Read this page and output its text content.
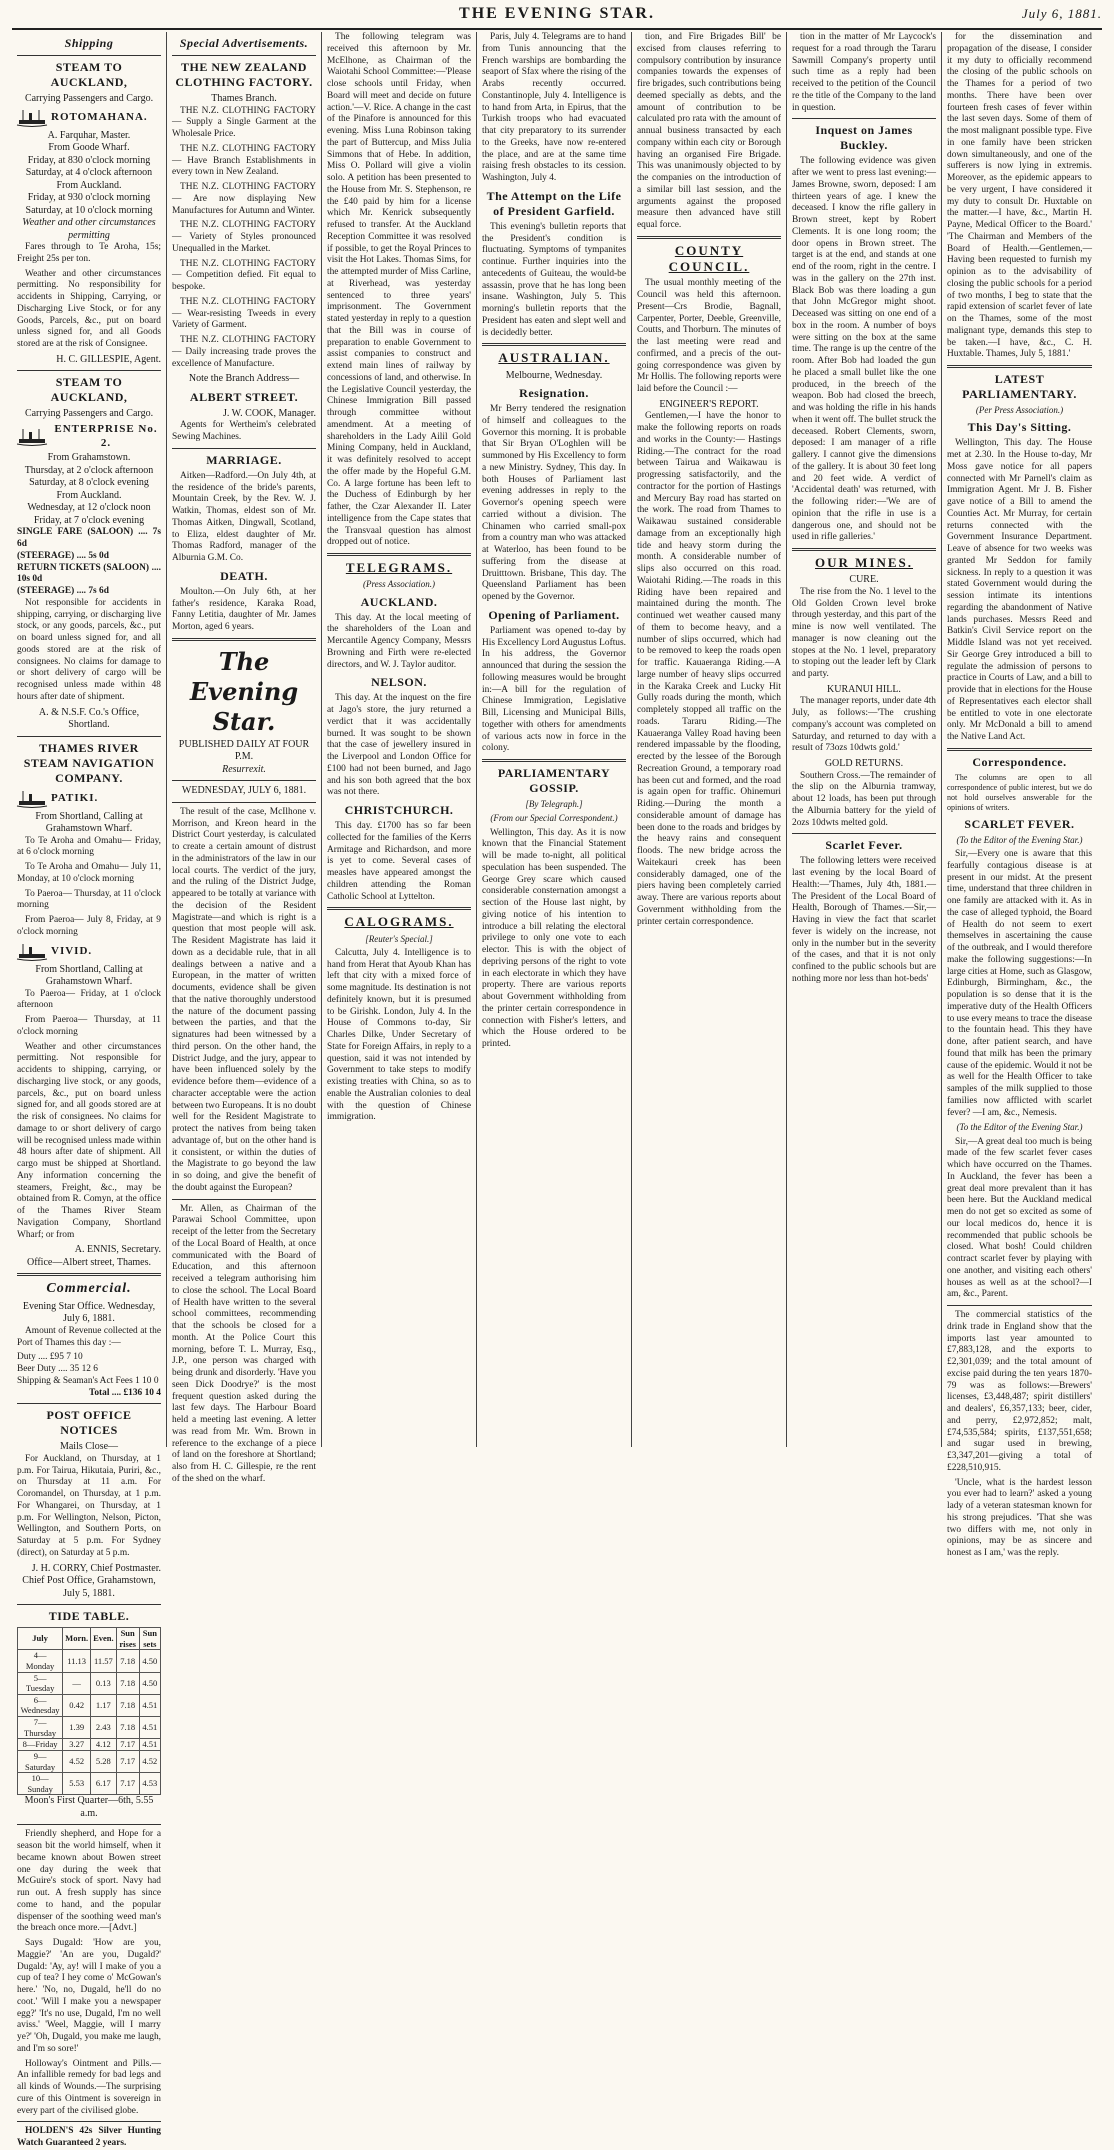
THE EVENING STAR.	July 6, 1881.
Shipping
STEAM TO AUCKLAND,
Carrying Passengers and Cargo.
ROTOMAHANA.
A. Farquhar, Master.
From Goode Wharf.
Friday, at 830 o'clock morning
Saturday, at 4 o'clock afternoon
From Auckland.
Friday, at 930 o'clock morning
Saturday, at 10 o'clock morning
Weather and other circumstances permitting
Fares through to Te Aroha, 15s; Freight 25s per ton.
Weather and other circumstances permitting. No responsibility for accidents in Shipping, Carrying, or Discharging Live Stock, or for any Goods, Parcels, &c., put on board unless signed for, and all Goods stored are at the risk of Consignee.
H. C. GILLESPIE, Agent.
STEAM TO AUCKLAND,
Carrying Passengers and Cargo.
ENTERPRISE No. 2.
From Grahamstown.
Thursday, at 2 o'clock afternoon
Saturday, at 8 o'clock evening
From Auckland.
Wednesday, at 12 o'clock noon
Friday, at 7 o'clock evening
SINGLE FARE (SALOON) .... 7s 6d
(STEERAGE) .... 5s 0d
RETURN TICKETS (SALOON) .... 10s 0d
(STEERAGE) .... 7s 6d
Not responsible for accidents in shipping, carrying, or discharging live stock, or any goods, parcels, &c., put on board unless signed for, and all goods stored are at the risk of consignees. No claims for damage to or short delivery of cargo will be recognised unless made within 48 hours after date of shipment.
A. & N.S.F. Co.'s Office, Shortland.
THAMES RIVER STEAM NAVIGATION COMPANY.
PATIKI.
From Shortland, Calling at Grahamstown Wharf.
To Te Aroha and Omahu— Friday, at 6 o'clock morning
To Te Aroha and Omahu— July 11, Monday, at 10 o'clock morning
To Paeroa— Thursday, at 11 o'clock morning
From Paeroa— July 8, Friday, at 9 o'clock morning
VIVID.
From Shortland, Calling at Grahamstown Wharf.
To Paeroa— Friday, at 1 o'clock afternoon
From Paeroa— Thursday, at 11 o'clock morning
Weather and other circumstances permitting. Not responsible for accidents to shipping, carrying, or discharging live stock, or any goods, parcels, &c., put on board unless signed for, and all goods stored are at the risk of consignees. No claims for damage to or short delivery of cargo will be recognised unless made within 48 hours after date of shipment. All cargo must be shipped at Shortland. Any information concerning the steamers, Freight, &c., may be obtained from R. Comyn, at the office of the Thames River Steam Navigation Company, Shortland Wharf; or from
A. ENNIS, Secretary.
Office—Albert street, Thames.
Commercial.
Evening Star Office. Wednesday, July 6, 1881.
Amount of Revenue collected at the Port of Thames this day :—
Duty .... £95 7 10
Beer Duty .... 35 12 6
Shipping & Seaman's Act Fees 1 10 0
Total .... £136 10 4
POST OFFICE NOTICES
Mails Close—
For Auckland, on Thursday, at 1 p.m. For Tairua, Hikutaia, Puriri, &c., on Thursday at 11 a.m. For Coromandel, on Thursday, at 1 p.m. For Whangarei, on Thursday, at 1 p.m. For Wellington, Nelson, Picton, Wellington, and Southern Ports, on Saturday at 5 p.m. For Sydney (direct), on Saturday at 5 p.m.
J. H. CORRY, Chief Postmaster.
Chief Post Office, Grahamstown, July 5, 1881.
TIDE TABLE.
July	Morn.	Even.	Sun rises	Sun sets
4—Monday	11.13	11.57	7.18	4.50
5—Tuesday	—	0.13	7.18	4.50
6—Wednesday	0.42	1.17	7.18	4.51
7—Thursday	1.39	2.43	7.18	4.51
8—Friday	3.27	4.12	7.17	4.51
9—Saturday	4.52	5.28	7.17	4.52
10—Sunday	5.53	6.17	7.17	4.53
Moon's First Quarter—6th, 5.55 a.m.
Friendly shepherd, and Hope for a season bit the world himself, when it became known about Bowen street one day during the week that McGuire's stock of sport. Navy had run out. A fresh supply has since come to hand, and the popular dispenser of the soothing weed man's the breach once more.—[Advt.]
Says Dugald: 'How are you, Maggie?' 'An are you, Dugald?' Dugald: 'Ay, ay! will I make of you a cup of tea? I hey come o' McGowan's here.' 'No, no, Dugald, he'll do no coot.' 'Will I make you a newspaper egg?' 'It's no use, Dugald, I'm no well aviss.' 'Weel, Maggie, will I marry ye?' 'Oh, Dugald, you make me laugh, and I'm so sore!'
Holloway's Ointment and Pills.—An infallible remedy for bad legs and all kinds of Wounds.—The surprising cure of this Ointment is sovereign in every part of the civilised globe.
HOLDEN'S 42s Silver Hunting Watch Guaranteed 2 years.
Special Advertisements.
THE NEW ZEALAND CLOTHING FACTORY.
Thames Branch.
THE N.Z. CLOTHING FACTORY — Supply a Single Garment at the Wholesale Price.
THE N.Z. CLOTHING FACTORY — Have Branch Establishments in every town in New Zealand.
THE N.Z. CLOTHING FACTORY — Are now displaying New Manufactures for Autumn and Winter.
THE N.Z. CLOTHING FACTORY — Variety of Styles pronounced Unequalled in the Market.
THE N.Z. CLOTHING FACTORY — Competition defied. Fit equal to bespoke.
THE N.Z. CLOTHING FACTORY — Wear-resisting Tweeds in every Variety of Garment.
THE N.Z. CLOTHING FACTORY — Daily increasing trade proves the excellence of Manufacture.
Note the Branch Address—
ALBERT STREET.
J. W. COOK, Manager.
Agents for Wertheim's celebrated Sewing Machines.
MARRIAGE.
Aitken—Radford.—On July 4th, at the residence of the bride's parents, Mountain Creek, by the Rev. W. J. Watkin, Thomas, eldest son of Mr. Thomas Aitken, Dingwall, Scotland, to Eliza, eldest daughter of Mr. Thomas Radford, manager of the Alburnia G.M. Co.
DEATH.
Moulton.—On July 6th, at her father's residence, Karaka Road, Fanny Letitia, daughter of Mr. James Morton, aged 6 years.
The Evening Star.
PUBLISHED DAILY AT FOUR P.M.
Resurrexit.
WEDNESDAY, JULY 6, 1881.
The result of the case, McIlhone v. Morrison, and Kreon heard in the District Court yesterday, is calculated to create a certain amount of distrust in the administrators of the law in our local courts. The verdict of the jury, and the ruling of the District Judge, appeared to be totally at variance with the decision of the Resident Magistrate—and which is right is a question that most people will ask. The Resident Magistrate has laid it down as a decidable rule, that in all dealings between a native and a European, in the matter of written documents, evidence shall be given that the native thoroughly understood the nature of the document passing between the parties, and that the signatures had been witnessed by a third person. On the other hand, the District Judge, and the jury, appear to have been influenced solely by the evidence before them—evidence of a character acceptable were the action between two Europeans. It is no doubt well for the Resident Magistrate to protect the natives from being taken advantage of, but on the other hand is it consistent, or within the duties of the Magistrate to go beyond the law in so doing, and give the benefit of the doubt against the European?
Mr. Allen, as Chairman of the Parawai School Committee, upon receipt of the letter from the Secretary of the Local Board of Health, at once communicated with the Board of Education, and this afternoon received a telegram authorising him to close the school. The Local Board of Health have written to the several school committees, recommending that the schools be closed for a month. At the Police Court this morning, before T. L. Murray, Esq., J.P., one person was charged with being drunk and disorderly. 'Have you seen Dick Doodrye?' is the most frequent question asked during the last few days. The Harbour Board held a meeting last evening. A letter was read from Mr. Wm. Brown in reference to the exchange of a piece of land on the foreshore at Shortland; also from H. C. Gillespie, re the rent of the shed on the wharf.
The following telegram was received this afternoon by Mr. McElhone, as Chairman of the Waiotahi School Committee:—'Please close schools until Friday, when Board will meet and decide on future action.'—V. Rice. A change in the cast of the Pinafore is announced for this evening. Miss Luna Robinson taking the part of Buttercup, and Miss Julia Simmons that of Hebe. In addition, Miss O. Pollard will give a violin solo. A petition has been presented to the House from Mr. S. Stephenson, re the £40 paid by him for a license which Mr. Kenrick subsequently refused to transfer. At the Auckland Reception Committee it was resolved if possible, to get the Royal Princes to visit the Hot Lakes. Thomas Sims, for the attempted murder of Miss Carline, at Riverhead, was yesterday sentenced to three years' imprisonment. The Government stated yesterday in reply to a question that the Bill was in course of preparation to enable Government to assist companies to construct and extend main lines of railway by concessions of land, and otherwise. In the Legislative Council yesterday, the Chinese Immigration Bill passed through committee without amendment. At a meeting of shareholders in the Lady Ailil Gold Mining Company, held in Auckland, it was definitely resolved to accept the offer made by the Hopeful G.M. Co. A large fortune has been left to the Duchess of Edinburgh by her father, the Czar Alexander II. Later intelligence from the Cape states that the Transvaal question has almost dropped out of notice.
TELEGRAMS.
(Press Association.)
AUCKLAND.
This day. At the local meeting of the shareholders of the Loan and Mercantile Agency Company, Messrs Browning and Firth were re-elected directors, and W. J. Taylor auditor.
NELSON.
This day. At the inquest on the fire at Jago's store, the jury returned a verdict that it was accidentally burned. It was sought to be shown that the case of jewellery insured in the Liverpool and London Office for £100 had not been burned, and Jago and his son both agreed that the box was not there.
CHRISTCHURCH.
This day. £1700 has so far been collected for the families of the Kerrs Armitage and Richardson, and more is yet to come. Several cases of measles have appeared amongst the children attending the Roman Catholic School at Lyttelton.
CALOGRAMS.
[Reuter's Special.]
Calcutta, July 4. Intelligence is to hand from Herat that Ayoub Khan has left that city with a mixed force of some magnitude. Its destination is not definitely known, but it is presumed to be Girishk. London, July 4. In the House of Commons to-day, Sir Charles Dilke, Under Secretary of State for Foreign Affairs, in reply to a question, said it was not intended by Government to take steps to modify existing treaties with China, so as to enable the Australian colonies to deal with the question of Chinese immigration.
Paris, July 4. Telegrams are to hand from Tunis announcing that the French warships are bombarding the seaport of Sfax where the rising of the Arabs recently occurred. Constantinople, July 4. Intelligence is to hand from Arta, in Epirus, that the Turkish troops who had evacuated that city preparatory to its surrender to the Greeks, have now re-entered the place, and are at the same time raising fresh obstacles to its cession. Washington, July 4.
The Attempt on the Life of President Garfield.
This evening's bulletin reports that the President's condition is fluctuating. Symptoms of tympanites continue. Further inquiries into the antecedents of Guiteau, the would-be assassin, prove that he has long been insane. Washington, July 5. This morning's bulletin reports that the President has eaten and slept well and is decidedly better.
AUSTRALIAN.
Melbourne, Wednesday.
Resignation.
Mr Berry tendered the resignation of himself and colleagues to the Governor this morning. It is probable that Sir Bryan O'Loghlen will be summoned by His Excellency to form a new Ministry. Sydney, This day. In both Houses of Parliament last evening addresses in reply to the Governor's opening speech were carried without a division. The Chinamen who carried small-pox from a country man who was attacked at Waterloo, has been found to be suffering from the disease at Druitttown. Brisbane, This day. The Queensland Parliament has been opened by the Governor.
Opening of Parliament.
Parliament was opened to-day by His Excellency Lord Augustus Loftus. In his address, the Governor announced that during the session the following measures would be brought in:—A bill for the regulation of Chinese Immigration, Legislative Bill, Licensing and Municipal Bills, together with others for amendments of various acts now in force in the colony.
PARLIAMENTARY GOSSIP.
[By Telegraph.]
(From our Special Correspondent.)
Wellington, This day. As it is now known that the Financial Statement will be made to-night, all political speculation has been suspended. The George Grey scare which caused considerable consternation amongst a section of the House last night, by giving notice of his intention to introduce a bill relating the electoral privilege to only one vote to each elector. This is with the object of depriving persons of the right to vote in each electorate in which they have property. There are various reports about Government withholding from the printer certain correspondence in connection with Fisher's letters, and which the House ordered to be printed.
tion, and Fire Brigades Bill' be excised from clauses referring to compulsory contribution by insurance companies towards the expenses of fire brigades, such contributions being deemed specially as debts, and the amount of contribution to be calculated pro rata with the amount of annual business transacted by each company within each city or Borough having an organised Fire Brigade. This was unanimously objected to by the companies on the introduction of a similar bill last session, and the arguments against the proposed measure then advanced have still equal force.
COUNTY COUNCIL.
The usual monthly meeting of the Council was held this afternoon. Present—Crs Brodie, Bagnall, Carpenter, Porter, Deeble, Greenville, Coutts, and Thorburn. The minutes of the last meeting were read and confirmed, and a precis of the out-going correspondence was given by Mr Hollis. The following reports were laid before the Council :—
ENGINEER'S REPORT.
Gentlemen,—I have the honor to make the following reports on roads and works in the County:— Hastings Riding.—The contract for the road between Tairua and Waikawau is progressing satisfactorily, and the contractor for the portion of Hastings and Mercury Bay road has started on the work. The road from Thames to Waikawau sustained considerable damage from an exceptionally high tide and heavy storm during the month. A considerable number of slips also occurred on this road. Waiotahi Riding.—The roads in this Riding have been repaired and maintained during the month. The continued wet weather caused many of them to become heavy, and a number of slips occurred, which had to be removed to keep the roads open for traffic. Kauaeranga Riding.—A large number of heavy slips occurred in the Karaka Creek and Lucky Hit Gully roads during the month, which completely stopped all traffic on the roads. Tararu Riding.—The Kauaeranga Valley Road having been rendered impassable by the flooding, erected by the lessee of the Borough Recreation Ground, a temporary road has been cut and formed, and the road is again open for traffic. Ohinemuri Riding.—During the month a considerable amount of damage has been done to the roads and bridges by the heavy rains and consequent floods. The new bridge across the Waitekauri creek has been considerably damaged, one of the piers having been completely carried away. There are various reports about Government withholding from the printer certain correspondence.
tion in the matter of Mr Laycock's request for a road through the Tararu Sawmill Company's property until such time as a reply had been received to the petition of the Council re the title of the Company to the land in question.
Inquest on James Buckley.
The following evidence was given after we went to press last evening:— James Browne, sworn, deposed: I am thirteen years of age. I knew the deceased. I know the rifle gallery in Brown street, kept by Robert Clements. It is one long room; the door opens in Brown street. The target is at the end, and stands at one end of the room, right in the centre. I was in the gallery on the 27th inst. Black Bob was there loading a gun that John McGregor might shoot. Deceased was sitting on one end of a box in the room. A number of boys were sitting on the box at the same time. The range is up the centre of the room. After Bob had loaded the gun he placed a small bullet like the one produced, in the breech of the weapon. Bob had closed the breech, and was holding the rifle in his hands when it went off. The bullet struck the deceased. Robert Clements, sworn, deposed: I am manager of a rifle gallery. I cannot give the dimensions of the gallery. It is about 30 feet long and 20 feet wide. A verdict of 'Accidental death' was returned, with the following rider:—'We are of opinion that the rifle in use is a dangerous one, and should not be used in rifle galleries.'
OUR MINES.
CURE.
The rise from the No. 1 level to the Old Golden Crown level broke through yesterday, and this part of the mine is now well ventilated. The manager is now cleaning out the stopes at the No. 1 level, preparatory to stoping out the leader left by Clark and party.
KURANUI HILL.
The manager reports, under date 4th July, as follows:—'The crushing company's account was completed on Saturday, and returned to day with a result of 73ozs 10dwts gold.'
GOLD RETURNS.
Southern Cross.—The remainder of the slip on the Alburnia tramway, about 12 loads, has been put through the Alburnia battery for the yield of 2ozs 10dwts melted gold.
Scarlet Fever.
The following letters were received last evening by the local Board of Health:—'Thames, July 4th, 1881.—The President of the Local Board of Health, Borough of Thames.—Sir,—Having in view the fact that scarlet fever is widely on the increase, not only in the number but in the severity of the cases, and that it is not only confined to the public schools but are nothing more nor less than hot-beds'
for the dissemination and propagation of the disease, I consider it my duty to officially recommend the closing of the public schools on the Thames for a period of two months. There have been over fourteen fresh cases of fever within the last seven days. Some of them of the most malignant possible type. Five in one family have been stricken down simultaneously, and one of the sufferers is now lying in extremis. Moreover, as the epidemic appears to be very urgent, I have considered it my duty to consult Dr. Huxtable on the matter.—I have, &c., Martin H. Payne, Medical Officer to the Board.' 'The Chairman and Members of the Board of Health.—Gentlemen,—Having been requested to furnish my opinion as to the advisability of closing the public schools for a period of two months, I beg to state that the rapid extension of scarlet fever of late on the Thames, some of the most malignant type, demands this step to be taken.—I have, &c., C. H. Huxtable. Thames, July 5, 1881.'
LATEST PARLIAMENTARY.
(Per Press Association.)
This Day's Sitting.
Wellington, This day. The House met at 2.30. In the House to-day, Mr Moss gave notice for all papers connected with Mr Parnell's claim as Immigration Agent. Mr J. B. Fisher gave notice of a Bill to amend the Counties Act. Mr Murray, for certain returns connected with the Government Insurance Department. Leave of absence for two weeks was granted Mr Seddon for family sickness. In reply to a question it was stated Government would during the session intimate its intentions regarding the abandonment of Native lands purchases. Messrs Reed and Batkin's Civil Service report on the Middle Island was not yet received. Sir George Grey introduced a bill to regulate the admission of persons to practice in Courts of Law, and a bill to provide that in elections for the House of Representatives each elector shall be entitled to vote in one electorate only. Mr McDonald a bill to amend the Native Land Act.
Correspondence.
The columns are open to all correspondence of public interest, but we do not hold ourselves answerable for the opinions of writers.
SCARLET FEVER.
(To the Editor of the Evening Star.)
Sir,—Every one is aware that this fearfully contagious disease is at present in our midst. At the present time, understand that three children in one family are attacked with it. As in the case of alleged typhoid, the Board of Health do not seem to exert themselves in ascertaining the cause of the outbreak, and I would therefore make the following suggestions:—In large cities at Home, such as Glasgow, Edinburgh, Birmingham, &c., the population is so dense that it is the imperative duty of the Health Officers to use every means to trace the disease to the fountain head. This they have done, after patient search, and have found that milk has been the primary cause of the epidemic. Would it not be as well for the Health Officer to take samples of the milk supplied to those families now afflicted with scarlet fever? —I am, &c., Nemesis.
(To the Editor of the Evening Star.)
Sir,—A great deal too much is being made of the few scarlet fever cases which have occurred on the Thames. In Auckland, the fever has been a great deal more prevalent than it has been here. But the Auckland medical men do not get so excited as some of our local medicos do, hence it is recommended that public schools be closed. What bosh! Could children contract scarlet fever by playing with one another, and visiting each others' houses as well as at the school?—I am, &c., Parent.
The commercial statistics of the drink trade in England show that the imports last year amounted to £7,883,128, and the exports to £2,301,039; and the total amount of excise paid during the ten years 1870-79 was as follows:—Brewers' licenses, £3,448,487; spirit distillers' and dealers', £6,357,133; beer, cider, and perry, £2,972,852; malt, £74,535,584; spirits, £137,551,658; and sugar used in brewing, £3,347,201—giving a total of £228,510,915.
'Uncle, what is the hardest lesson you ever had to learn?' asked a young lady of a veteran statesman known for his strong prejudices. 'That she was two differs with me, not only in opinions, may be as sincere and honest as I am,' was the reply.
